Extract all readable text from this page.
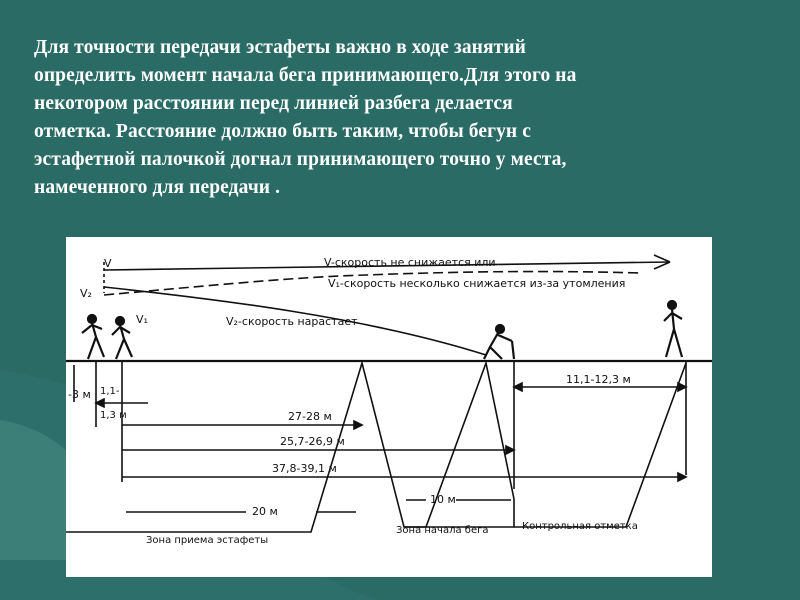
Для точности передачи эстафеты важно в ходе занятий
определить момент начала бега принимающего.Для этого на
некотором расстоянии перед линией разбега делается
отметка. Расстояние должно быть таким, чтобы бегун с
эстафетной палочкой догнал принимающего точно у места,
намеченного для передачи .
V-скорость не снижается или
V₁-скорость несколько снижается из-за утомления
V₂-скорость нарастает
V
V₁
V₂
-3 м 1,1-
1,3 м
11,1-12,3 м
27-28 м
25,7-26,9 м
37,8-39,1 м
20 м
10 м
Зона приема эстафеты
Зона начала бега	Контрольная отметка
